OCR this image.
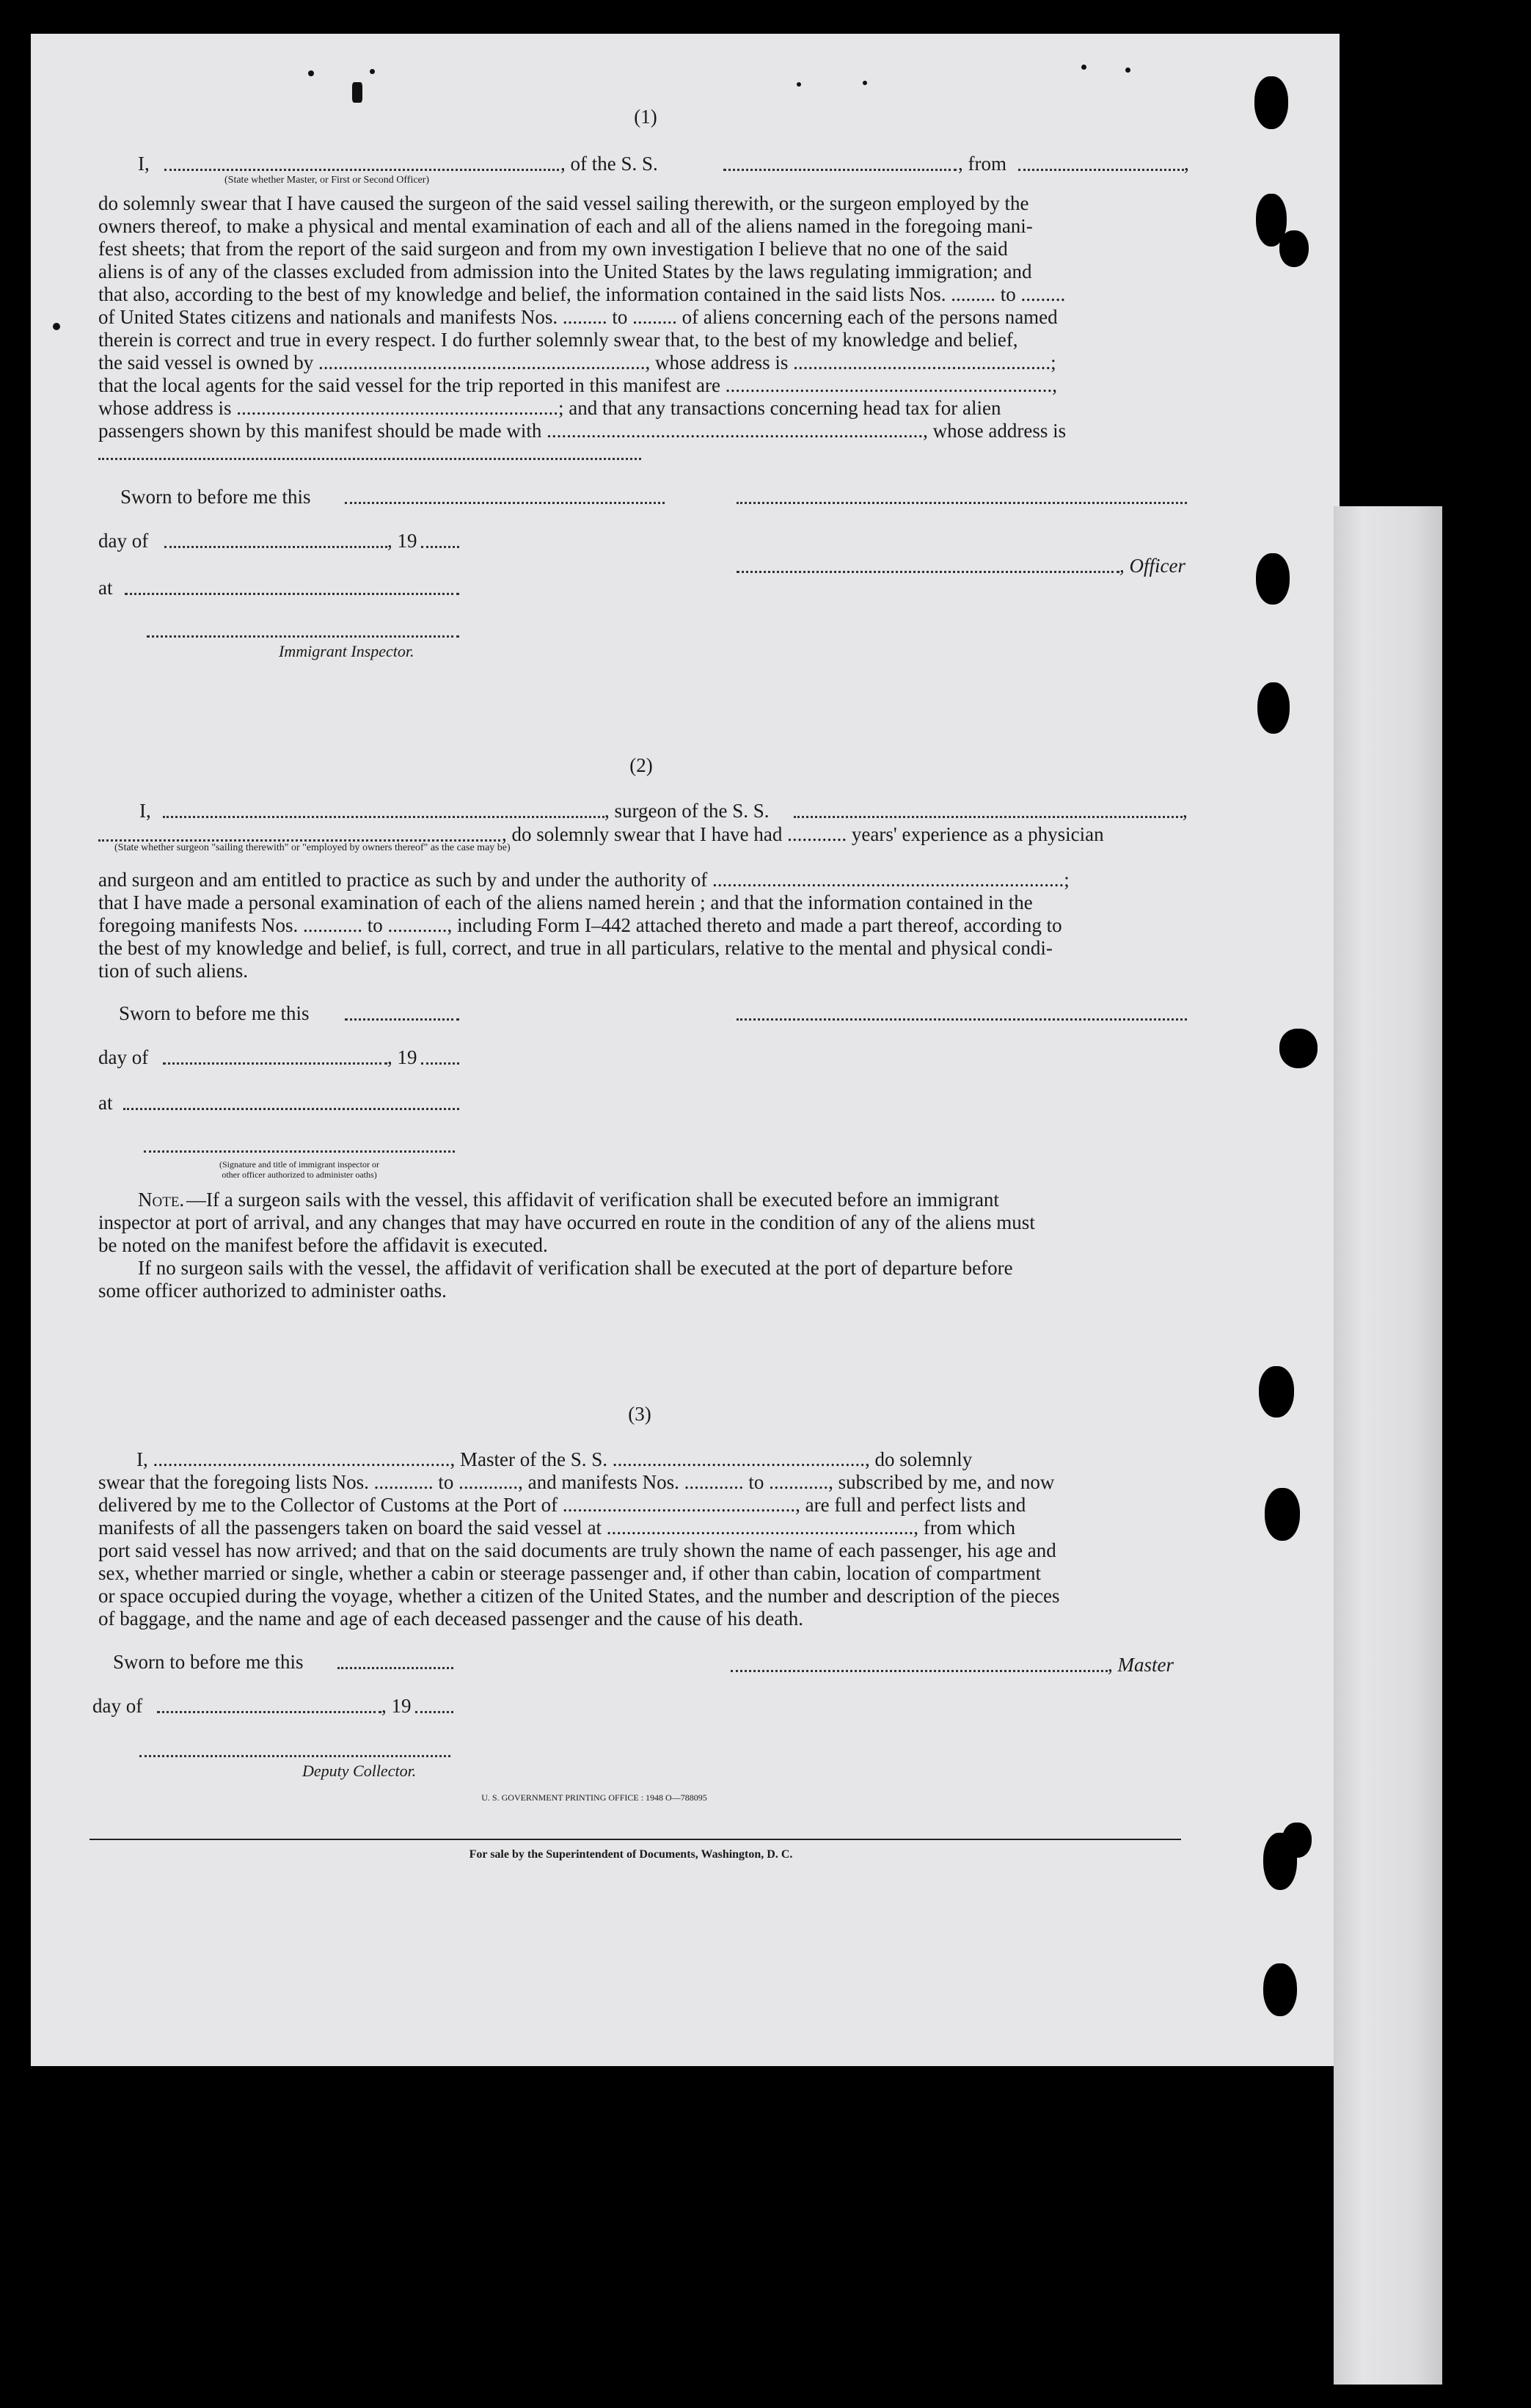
(1)
I,	, of the S. S.	, from	,
(State whether Master, or First or Second Officer)
do solemnly swear that I have caused the surgeon of the said vessel sailing therewith, or the surgeon employed by the
owners thereof, to make a physical and mental examination of each and all of the aliens named in the foregoing mani-
fest sheets; that from the report of the said surgeon and from my own investigation I believe that no one of the said
aliens is of any of the classes excluded from admission into the United States by the laws regulating immigration; and
that also, according to the best of my knowledge and belief, the information contained in the said lists Nos. ......... to .........
of United States citizens and nationals and manifests Nos. ......... to ......... of aliens concerning each of the persons named
therein is correct and true in every respect. I do further solemnly swear that, to the best of my knowledge and belief,
the said vessel is owned by .................................................................., whose address is ....................................................;
that the local agents for the said vessel for the trip reported in this manifest are ..................................................................,
whose address is .................................................................; and that any transactions concerning head tax for alien
passengers shown by this manifest should be made with ............................................................................, whose address is
Sworn to before me this
day of	, 19
, Officer
at
Immigrant Inspector.
(2)
I,	, surgeon of the S. S.	,
, do solemnly swear that I have had ............ years' experience as a physician
(State whether surgeon "sailing therewith" or "employed by owners thereof" as the case may be)
and surgeon and am entitled to practice as such by and under the authority of .......................................................................;
that I have made a personal examination of each of the aliens named herein ; and that the information contained in the
foregoing manifests Nos. ............ to ............, including Form I–442 attached thereto and made a part thereof, according to
the best of my knowledge and belief, is full, correct, and true in all particulars, relative to the mental and physical condi-
tion of such aliens.
Sworn to before me this
day of	, 19
at
(Signature and title of immigrant inspector or
other officer authorized to administer oaths)
Note. —If a surgeon sails with the vessel, this affidavit of verification shall be executed before an immigrant
inspector at port of arrival, and any changes that may have occurred en route in the condition of any of the aliens must
be noted on the manifest before the affidavit is executed.
If no surgeon sails with the vessel, the affidavit of verification shall be executed at the port of departure before
some officer authorized to administer oaths.
(3)
I, ............................................................, Master of the S. S. ..................................................., do solemnly
swear that the foregoing lists Nos. ............ to ............, and manifests Nos. ............ to ............, subscribed by me, and now
delivered by me to the Collector of Customs at the Port of ..............................................., are full and perfect lists and
manifests of all the passengers taken on board the said vessel at .............................................................., from which
port said vessel has now arrived; and that on the said documents are truly shown the name of each passenger, his age and
sex, whether married or single, whether a cabin or steerage passenger and, if other than cabin, location of compartment
or space occupied during the voyage, whether a citizen of the United States, and the number and description of the pieces
of baggage, and the name and age of each deceased passenger and the cause of his death.
Sworn to before me this	, Master
day of	, 19
Deputy Collector.
U. S. GOVERNMENT PRINTING OFFICE : 1948 O—788095
For sale by the Superintendent of Documents, Washington, D. C.
